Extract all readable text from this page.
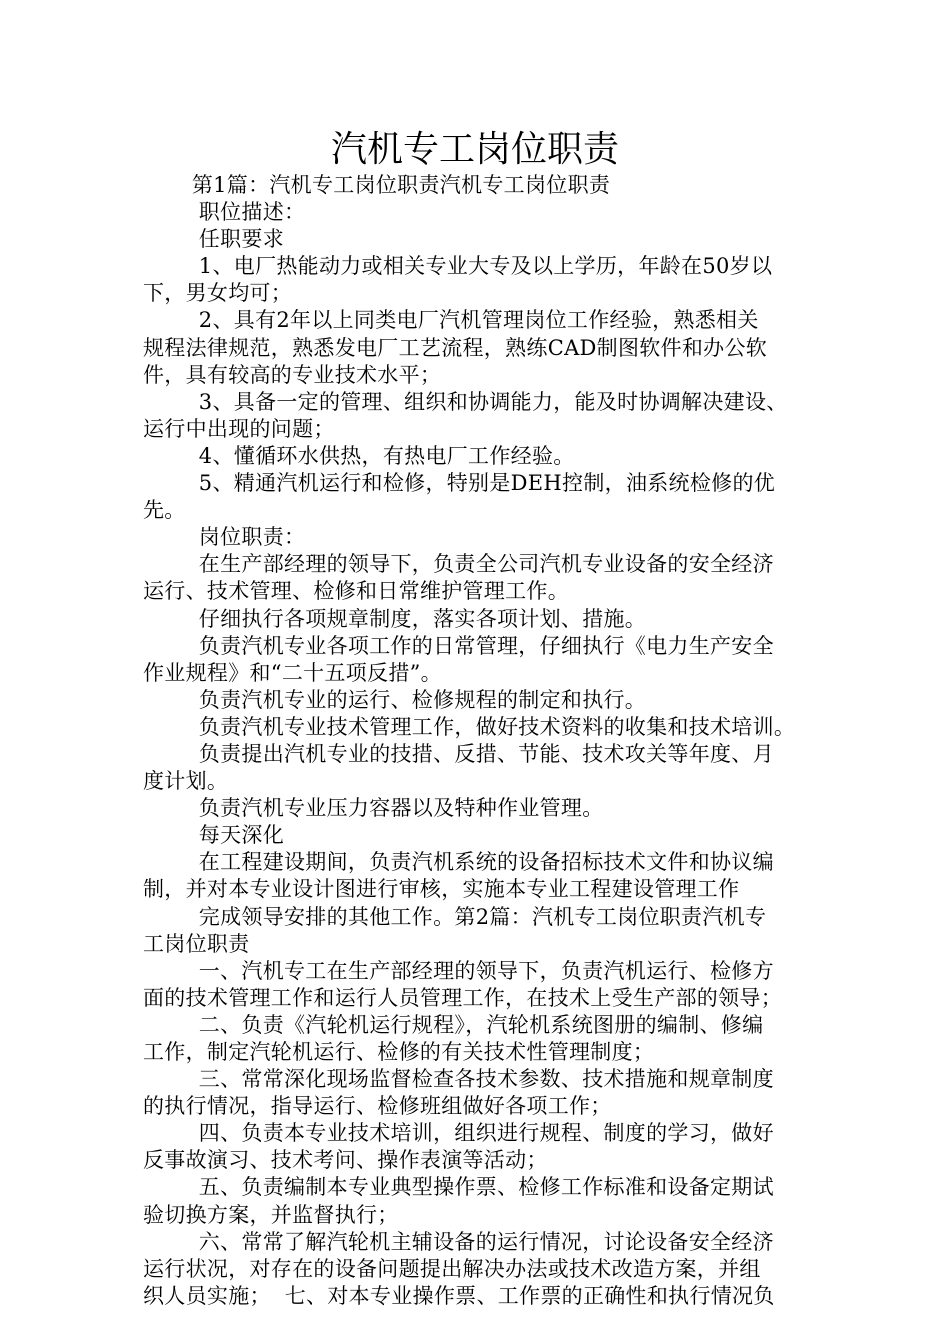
汽机专工岗位职责
第1篇：汽机专工岗位职责汽机专工岗位职责
职位描述：
任职要求
1、电厂热能动力或相关专业大专及以上学历，年龄在50岁以
下，男女均可；
2、具有2年以上同类电厂汽机管理岗位工作经验，熟悉相关
规程法律规范，熟悉发电厂工艺流程，熟练CAD制图软件和办公软
件，具有较高的专业技术水平；
3、具备一定的管理、组织和协调能力，能及时协调解决建设、
运行中出现的问题；
4、懂循环水供热，有热电厂工作经验。
5、精通汽机运行和检修，特别是DEH控制，油系统检修的优
先。
岗位职责：
在生产部经理的领导下，负责全公司汽机专业设备的安全经济
运行、技术管理、检修和日常维护管理工作。
仔细执行各项规章制度，落实各项计划、措施。
负责汽机专业各项工作的日常管理，仔细执行《电力生产安全
作业规程》和“二十五项反措”。
负责汽机专业的运行、检修规程的制定和执行。
负责汽机专业技术管理工作，做好技术资料的收集和技术培训。
负责提出汽机专业的技措、反措、节能、技术攻关等年度、月
度计划。
负责汽机专业压力容器以及特种作业管理。
每天深化
在工程建设期间，负责汽机系统的设备招标技术文件和协议编
制，并对本专业设计图进行审核，实施本专业工程建设管理工作
完成领导安排的其他工作。第2篇：汽机专工岗位职责汽机专
工岗位职责
一、汽机专工在生产部经理的领导下，负责汽机运行、检修方
面的技术管理工作和运行人员管理工作，在技术上受生产部的领导；
二、负责《汽轮机运行规程》，汽轮机系统图册的编制、修编
工作，制定汽轮机运行、检修的有关技术性管理制度；
三、常常深化现场监督检查各技术参数、技术措施和规章制度
的执行情况，指导运行、检修班组做好各项工作；
四、负责本专业技术培训，组织进行规程、制度的学习，做好
反事故演习、技术考问、操作表演等活动；
五、负责编制本专业典型操作票、检修工作标准和设备定期试
验切换方案，并监督执行；
六、常常了解汽轮机主辅设备的运行情况，讨论设备安全经济
运行状况，对存在的设备问题提出解决办法或技术改造方案，并组
织人员实施；  七、对本专业操作票、工作票的正确性和执行情况负
